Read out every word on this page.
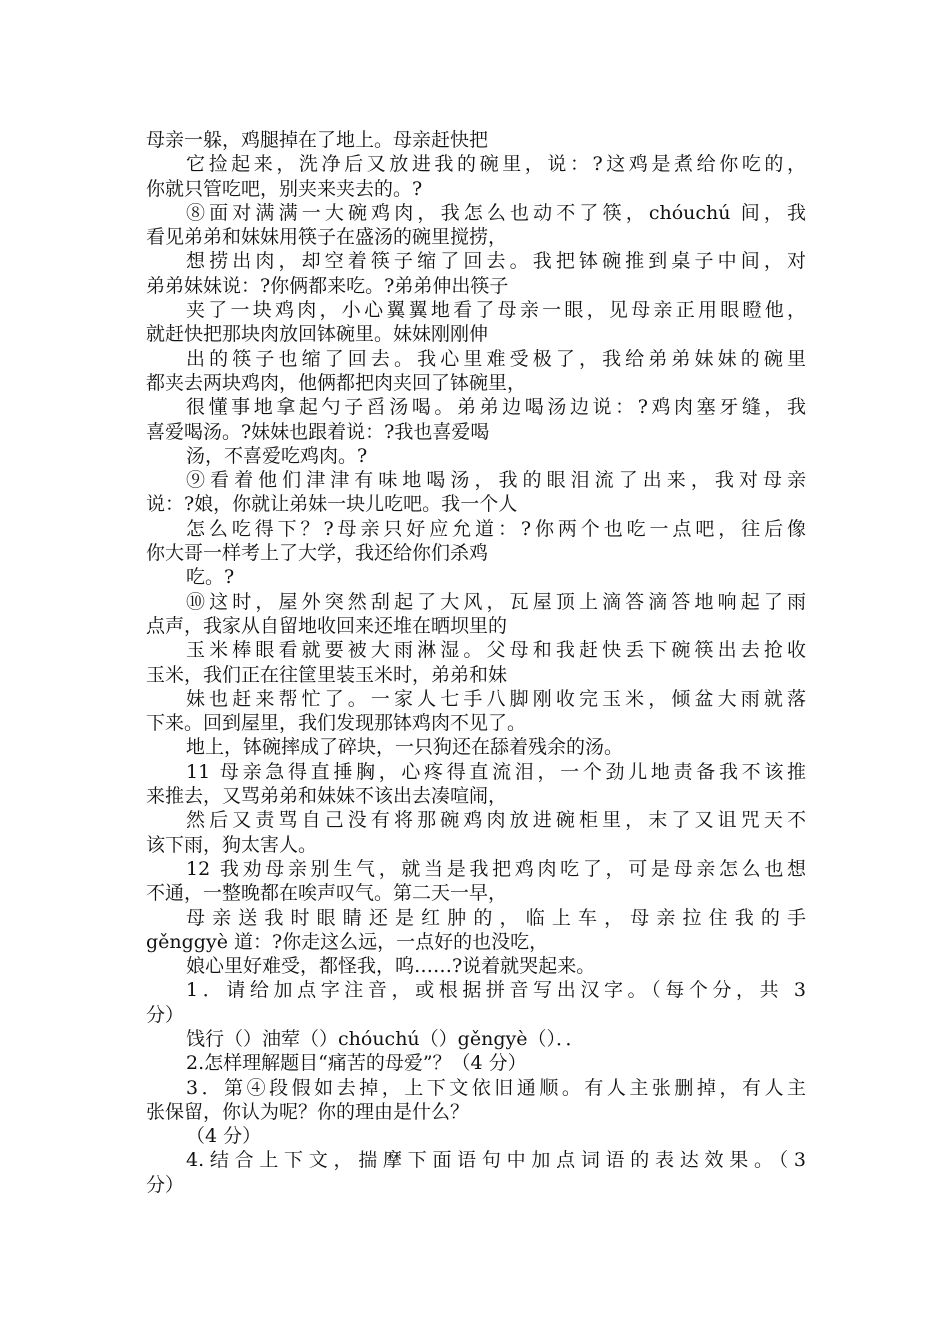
母亲一躲，鸡腿掉在了地上。母亲赶快把
它捡起来，洗净后又放进我的碗里，说：?这鸡是煮给你吃的，
你就只管吃吧，别夹来夹去的。?
⑧面对满满一大碗鸡肉，我怎么也动不了筷，chóuchú 间，我
看见弟弟和妹妹用筷子在盛汤的碗里搅捞，
想捞出肉，却空着筷子缩了回去。我把钵碗推到桌子中间，对
弟弟妹妹说：?你俩都来吃。?弟弟伸出筷子
夹了一块鸡肉，小心翼翼地看了母亲一眼，见母亲正用眼瞪他，
就赶快把那块肉放回钵碗里。妹妹刚刚伸
出的筷子也缩了回去。我心里难受极了，我给弟弟妹妹的碗里
都夹去两块鸡肉，他俩都把肉夹回了钵碗里，
很懂事地拿起勺子舀汤喝。弟弟边喝汤边说：?鸡肉塞牙缝，我
喜爱喝汤。?妹妹也跟着说：?我也喜爱喝
汤，不喜爱吃鸡肉。?
⑨看着他们津津有味地喝汤，我的眼泪流了出来，我对母亲
说：?娘，你就让弟妹一块儿吃吧。我一个人
怎么吃得下？?母亲只好应允道：?你两个也吃一点吧，往后像
你大哥一样考上了大学，我还给你们杀鸡
吃。?
⑩这时，屋外突然刮起了大风，瓦屋顶上滴答滴答地响起了雨
点声，我家从自留地收回来还堆在晒坝里的
玉米棒眼看就要被大雨淋湿。父母和我赶快丢下碗筷出去抢收
玉米，我们正在往筐里装玉米时，弟弟和妹
妹也赶来帮忙了。一家人七手八脚刚收完玉米，倾盆大雨就落
下来。回到屋里，我们发现那钵鸡肉不见了。
地上，钵碗摔成了碎块，一只狗还在舔着残余的汤。
11 母亲急得直捶胸，心疼得直流泪，一个劲儿地责备我不该推
来推去，又骂弟弟和妹妹不该出去凑喧闹，
然后又责骂自己没有将那碗鸡肉放进碗柜里，末了又诅咒天不
该下雨，狗太害人。
12 我劝母亲别生气，就当是我把鸡肉吃了，可是母亲怎么也想
不通，一整晚都在唉声叹气。第二天一早，
母亲送我时眼睛还是红肿的，临上车，母亲拉住我的手
gěnggyè 道：?你走这么远，一点好的也没吃，
娘心里好难受，都怪我，呜……?说着就哭起来。
1．请给加点字注音，或根据拼音写出汉字。（每个分，共 3
分）
饯行（）油荤（）chóuchú（）gěngyè（）．．
2.怎样理解题目“痛苦的母爱”？（4 分）
3．第④段假如去掉，上下文依旧通顺。有人主张删掉，有人主
张保留，你认为呢？你的理由是什么？
（4 分）
4.结合上下文，揣摩下面语句中加点词语的表达效果。（3
分）
